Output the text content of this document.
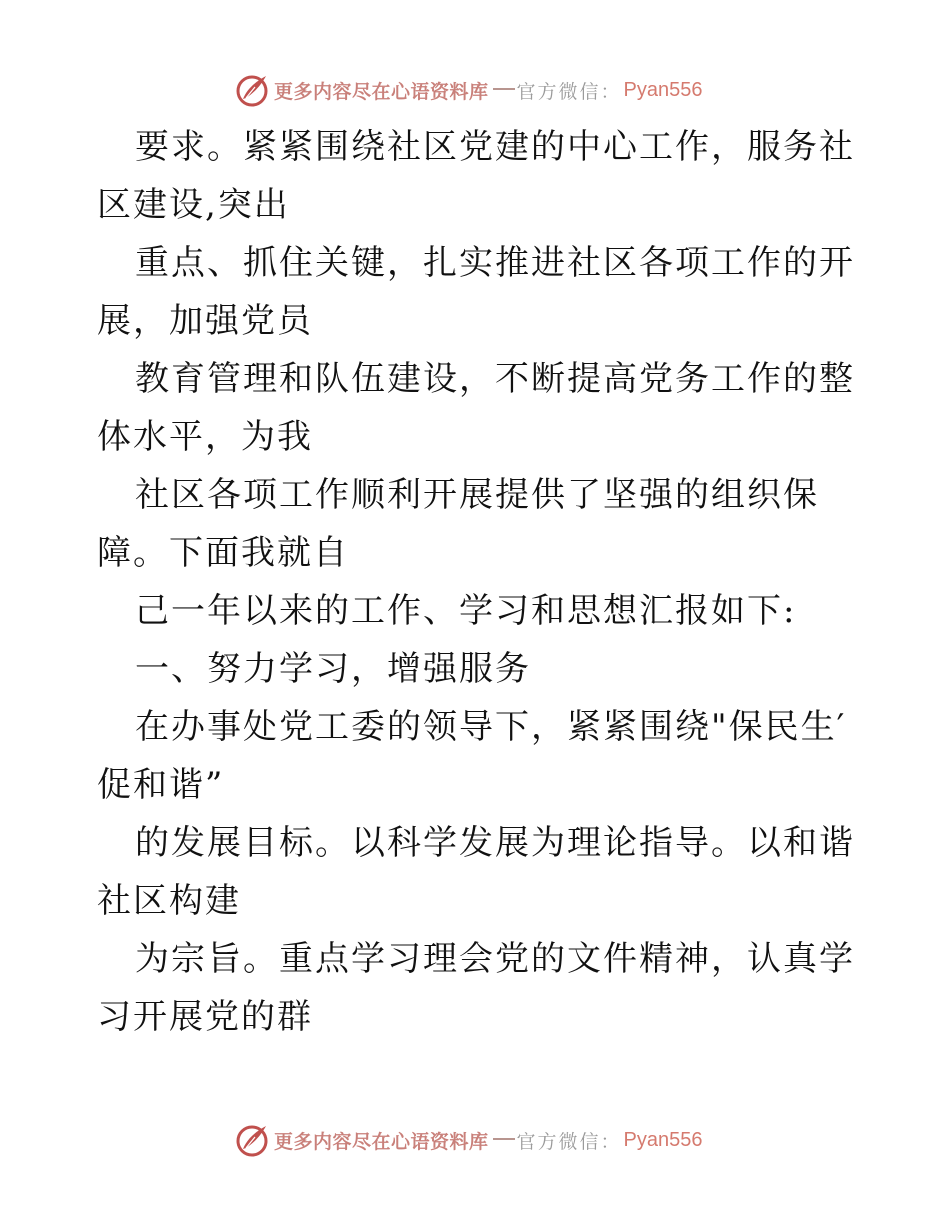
更多内容尽在心语资料库 官方微信： Pyan556

要求。紧紧围绕社区党建的中心工作，服务社区建设,突出

重点、抓住关键，扎实推进社区各项工作的开展，加强党员

教育管理和队伍建设，不断提高党务工作的整体水平，为我

社区各项工作顺利开展提供了坚强的组织保障。下面我就自

己一年以来的工作、学习和思想汇报如下:

一、努力学习，增强服务

在办事处党工委的领导下，紧紧围绕"保民生′促和谐”

的发展目标。以科学发展为理论指导。以和谐社区构建

为宗旨。重点学习理会党的文件精神，认真学习开展党的群

更多内容尽在心语资料库 官方微信： Pyan556
